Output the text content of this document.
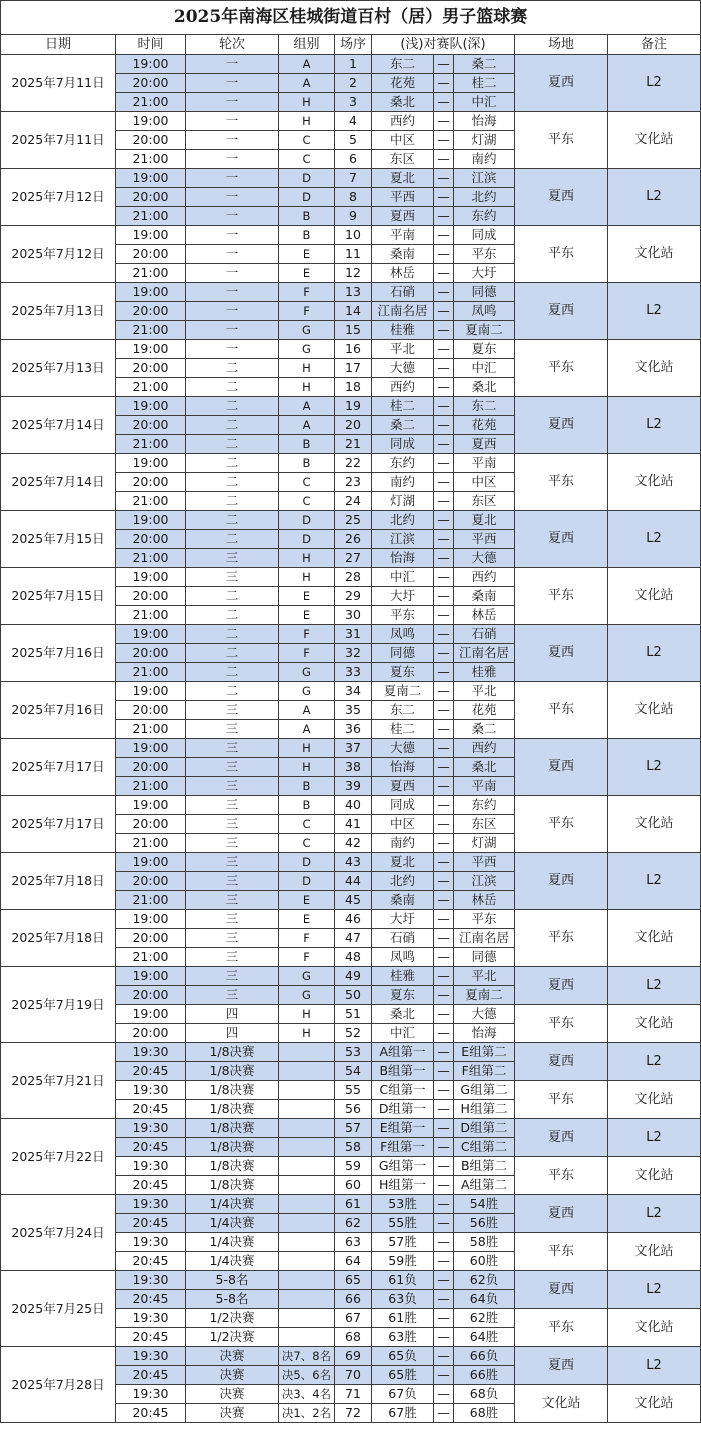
2025年南海区桂城街道百村（居）男子篮球赛									
日期	时间	轮次	组别	场序	(浅)对赛队(深)			场地	备注
2025年7月11日	19:00	一	A	1	东二	—	桑二	夏西	L2
	20:00	一	A	2	花苑	—	桂二		
	21:00	一	H	3	桑北	—	中汇		
2025年7月11日	19:00	一	H	4	西约	—	怡海	平东	文化站
	20:00	一	C	5	中区	—	灯湖		
	21:00	一	C	6	东区	—	南约		
2025年7月12日	19:00	一	D	7	夏北	—	江滨	夏西	L2
	20:00	一	D	8	平西	—	北约		
	21:00	一	B	9	夏西	—	东约		
2025年7月12日	19:00	一	B	10	平南	—	同成	平东	文化站
	20:00	一	E	11	桑南	—	平东		
	21:00	一	E	12	林岳	—	大圩		
2025年7月13日	19:00	一	F	13	石硝	—	同德	夏西	L2
	20:00	一	F	14	江南名居	—	凤鸣		
	21:00	一	G	15	桂雅	—	夏南二		
2025年7月13日	19:00	一	G	16	平北	—	夏东	平东	文化站
	20:00	二	H	17	大德	—	中汇		
	21:00	二	H	18	西约	—	桑北		
2025年7月14日	19:00	二	A	19	桂二	—	东二	夏西	L2
	20:00	二	A	20	桑二	—	花苑		
	21:00	二	B	21	同成	—	夏西		
2025年7月14日	19:00	二	B	22	东约	—	平南	平东	文化站
	20:00	二	C	23	南约	—	中区		
	21:00	二	C	24	灯湖	—	东区		
2025年7月15日	19:00	二	D	25	北约	—	夏北	夏西	L2
	20:00	二	D	26	江滨	—	平西		
	21:00	三	H	27	怡海	—	大德		
2025年7月15日	19:00	三	H	28	中汇	—	西约	平东	文化站
	20:00	二	E	29	大圩	—	桑南		
	21:00	二	E	30	平东	—	林岳		
2025年7月16日	19:00	二	F	31	凤鸣	—	石硝	夏西	L2
	20:00	二	F	32	同德	—	江南名居		
	21:00	二	G	33	夏东	—	桂雅		
2025年7月16日	19:00	二	G	34	夏南二	—	平北	平东	文化站
	20:00	三	A	35	东二	—	花苑		
	21:00	三	A	36	桂二	—	桑二		
2025年7月17日	19:00	三	H	37	大德	—	西约	夏西	L2
	20:00	三	H	38	怡海	—	桑北		
	21:00	三	B	39	夏西	—	平南		
2025年7月17日	19:00	三	B	40	同成	—	东约	平东	文化站
	20:00	三	C	41	中区	—	东区		
	21:00	三	C	42	南约	—	灯湖		
2025年7月18日	19:00	三	D	43	夏北	—	平西	夏西	L2
	20:00	三	D	44	北约	—	江滨		
	21:00	三	E	45	桑南	—	林岳		
2025年7月18日	19:00	三	E	46	大圩	—	平东	平东	文化站
	20:00	三	F	47	石硝	—	江南名居		
	21:00	三	F	48	凤鸣	—	同德		
2025年7月19日	19:00	三	G	49	桂雅	—	平北	夏西	L2
	20:00	三	G	50	夏东	—	夏南二		
	19:00	四	H	51	桑北	—	大德	平东	文化站
	20:00	四	H	52	中汇	—	怡海		
2025年7月21日	19:30	1/8决赛		53	A组第一	—	E组第二	夏西	L2
	20:45	1/8决赛		54	B组第一	—	F组第二		
	19:30	1/8决赛		55	C组第一	—	G组第二	平东	文化站
	20:45	1/8决赛		56	D组第一	—	H组第二		
2025年7月22日	19:30	1/8决赛		57	E组第一	—	D组第二	夏西	L2
	20:45	1/8决赛		58	F组第一	—	C组第二		
	19:30	1/8决赛		59	G组第一	—	B组第二	平东	文化站
	20:45	1/8决赛		60	H组第一	—	A组第二		
2025年7月24日	19:30	1/4决赛		61	53胜	—	54胜	夏西	L2
	20:45	1/4决赛		62	55胜	—	56胜		
	19:30	1/4决赛		63	57胜	—	58胜	平东	文化站
	20:45	1/4决赛		64	59胜	—	60胜		
2025年7月25日	19:30	5-8名		65	61负	—	62负	夏西	L2
	20:45	5-8名		66	63负	—	64负		
	19:30	1/2决赛		67	61胜	—	62胜	平东	文化站
	20:45	1/2决赛		68	63胜	—	64胜		
2025年7月28日	19:30	决赛	决7、8名	69	65负	—	66负	夏西	L2
	20:45	决赛	决5、6名	70	65胜	—	66胜		
	19:30	决赛	决3、4名	71	67负	—	68负	文化站	文化站
	20:45	决赛	决1、2名	72	67胜	—	68胜		
